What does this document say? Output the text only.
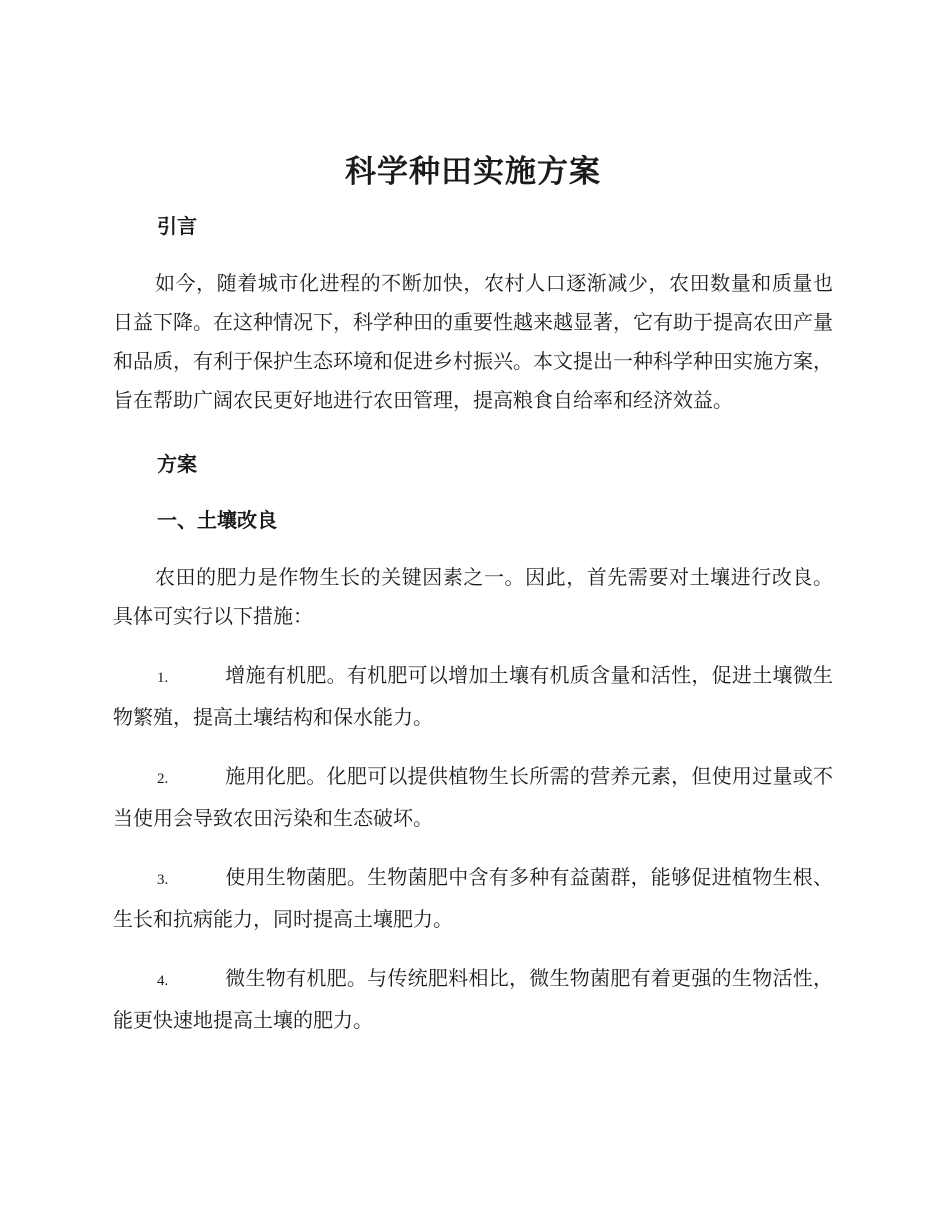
科学种田实施方案
引言

如今，随着城市化进程的不断加快，农村人口逐渐减少，农田数量和质量也日益下降。在这种情况下，科学种田的重要性越来越显著，它有助于提高农田产量和品质，有利于保护生态环境和促进乡村振兴。本文提出一种科学种田实施方案，旨在帮助广阔农民更好地进行农田管理，提高粮食自给率和经济效益。

方案
一、土壤改良

农田的肥力是作物生长的关键因素之一。因此，首先需要对土壤进行改良。具体可实行以下措施：

1.	增施有机肥。有机肥可以增加土壤有机质含量和活性，促进土壤微生物繁殖，提高土壤结构和保水能力。

2.	施用化肥。化肥可以提供植物生长所需的营养元素，但使用过量或不当使用会导致农田污染和生态破坏。

3.	使用生物菌肥。生物菌肥中含有多种有益菌群，能够促进植物生根、生长和抗病能力，同时提高土壤肥力。

4.	微生物有机肥。与传统肥料相比，微生物菌肥有着更强的生物活性，能更快速地提高土壤的肥力。
